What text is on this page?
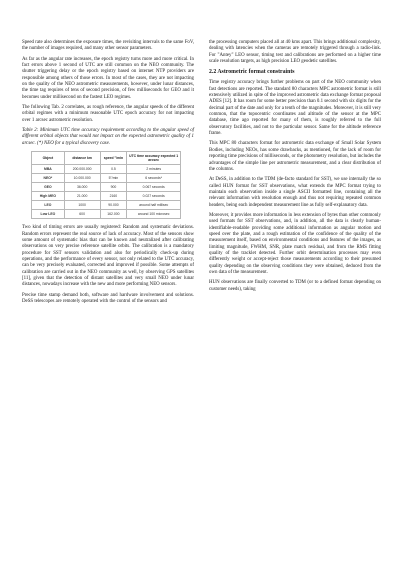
Speed rate also determines the exposure times, the revisiting intervals to the same FoV, the number of images required, and many other sensor parameters.

As far as the angular rate increases, the epoch registry turns more and more critical. In fact errors above 1 second of UTC are still common on the NEO community. The shutter triggering delay or the epoch registry based on internet NTP providers are responsible among others of those errors. In most of the cases, they are not impacting on the quality of the NEO astrometric measurements, however, under lunar distances, the time tag requires of tens of second precision, of few milliseconds for GEO and it becomes under millisecond on the fastest LEO regimes.

The following Tab. 2 correlates, as rough reference, the angular speeds of the different orbital regimes with a minimum reasonable UTC epoch accuracy for not impacting over 1 arcsec astrometric resolution.

Table 2: Minimum UTC time accuracy requirement according to the angular speed of different orbital objects that would not impact on the expected astrometric quality of 1 arcsec. (*) NEO for a typical discovery case.

Object	distance km	speed "/min	UTC time accuracy expected 1 arcsec
MBA	200.000.000	0.5	2 minutes
NEO*	10.000.000	5"/min	6 seconds*
GEO	36.000	900	0.067 seconds
High MEO	21.000	2160	0.027 seconds
LEO	1000	90.000	around half millisec
Low LEO	600	162.000	around 100 microsec

Two kind of timing errors are usually registered: Random and systematic deviations. Random errors represent the real source of lack of accuracy. Most of the sensors show some amount of systematic bias that can be known and neutralized after calibrating observations on very precise reference satellite orbits. The calibration is a mandatory procedure for SST sensors validation and also for periodically check-up during operations, and the performance of every sensor, not only related to the UTC accuracy, can be very precisely evaluated, corrected and improved if possible. Some attempts of calibration are carried out in the NEO community as well, by observing GPS satellites [11], given that the detection of distant satellites and very small NEO under lunar distances, nowadays increase with the new and more performing NEO sensors.

Precise time stamp demand both, software and hardware involvement and solutions. DeSS telescopes are remotely operated with the control of the sensors and

the processing computers placed all at 40 kms apart. This brings additional complexity, dealing with latencies when the cameras are remotely triggered through a radio-link. For "Antey" LEO sensor, timing test and calibrations are performed on a higher time scale resolution targets, as high precision LEO geodetic satellites.

2.2 Astrometric format constraints

Time registry accuracy brings further problems on part of the NEO community when fast detections are reported. The standard 80 characters MPC astrometric format is still extensively utilized in spite of the improved astrometric data exchange format proposal ADES [12]. It has room for some better precision than 0.1 second with six digits for the decimal part of the date and only for a tenth of the magnitudes. Moreover, it is still very common, that the topocentric coordinates and altitude of the sensor at the MPC database, time ago reported for many of them, is roughly referred to the full observatory facilities, and not to the particular sensor. Same for the altitude reference frame.

This MPC 80 characters format for astrometric data exchange of Small Solar System Bodies, including NEOs, has some drawbacks, as mentioned, for the lack of room for reporting time precisions of milliseconds, or the photometry resolution, but includes the advantages of the simple line per astrometric measurement, and a clear distribution of the columns.

At DeSS, in addition to the TDM (de-facto standard for SST), we use internally the so called HUN format for SST observations, what extends the MPC format trying to maintain each observation inside a single ASCII formatted line, containing all the relevant information with resolution enough and thus not requiring repeated common headers, being each independent measurement line as fully self-explanatory data.

Moreover, it provides more information in less extension of bytes than other commonly used formats for SST observations, and, in addition, all the data is clearly human-identifiable-readable providing some additional information as angular motion and speed over the plate, and a rough estimation of the confidence of the quality of the measurement itself, based on environmental conditions and features of the images, as limiting magnitude, FWHM, SNR, plate match residual, and from the RMS fitting quality of the tracklet detected. Further orbit determination processes may even differently weight or accept-reject those measurements according to their presumed quality depending on the observing conditions they were obtained, deduced from the own data of the measurement.

HUN observations are finally converted to TDM (or to a defined format depending on customer needs), taking
